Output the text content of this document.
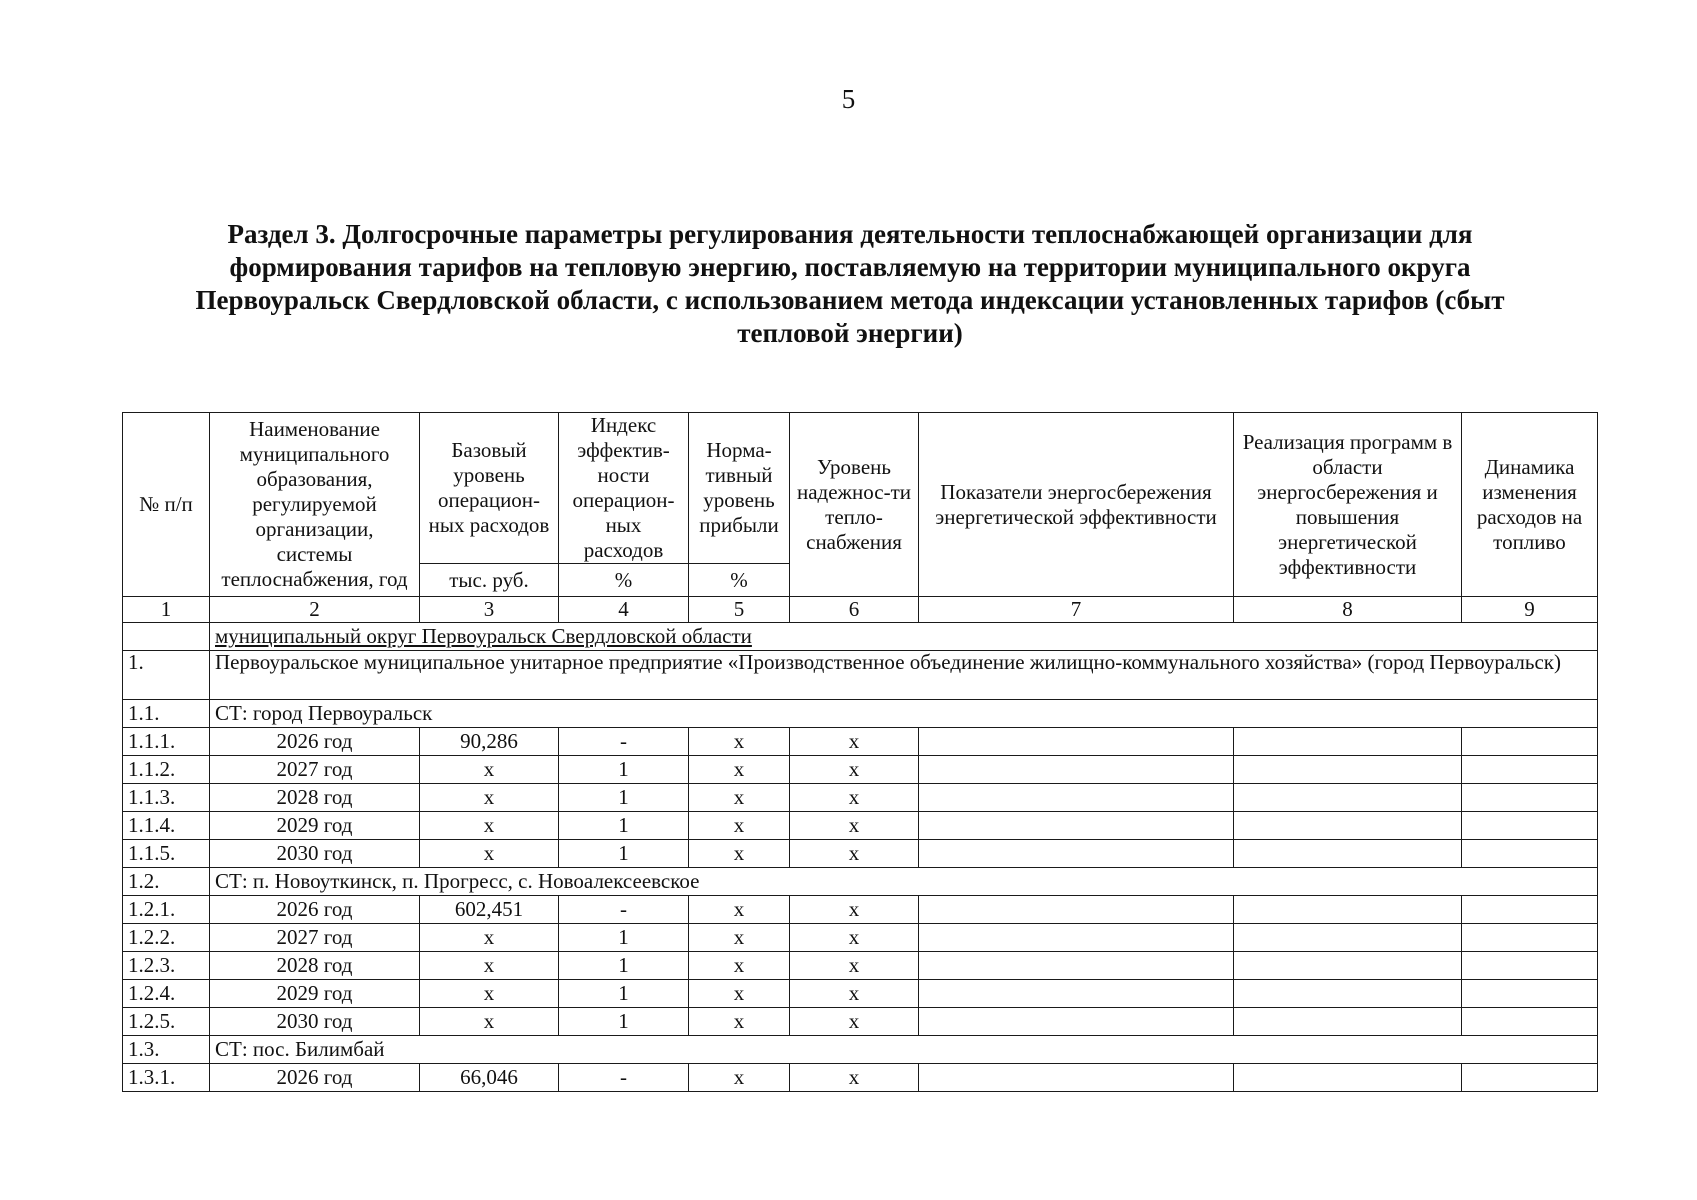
5
Раздел 3. Долгосрочные параметры регулирования деятельности теплоснабжающей организации для формирования тарифов на тепловую энергию, поставляемую на территории муниципального округа Первоуральск Свердловской области, с использованием метода индексации установленных тарифов (сбыт тепловой энергии)
№ п/п	Наименование муниципального образования, регулируемой организации, системы теплоснабжения, год	Базовый уровень операцион-ных расходов	Индекс эффектив-ности операцион-ных расходов	Норма-тивный уровень прибыли	Уровень надежнос-ти тепло-снабжения	Показатели энергосбережения энергетической эффективности	Реализация программ в области энергосбережения и повышения энергетической эффективности	Динамика изменения расходов на топливо
		тыс. руб.	%	%				
1	2	3	4	5	6	7	8	9
	муниципальный округ Первоуральск Свердловской области							
1.	Первоуральское муниципальное унитарное предприятие «Производственное объединение жилищно-коммунального хозяйства» (город Первоуральск)							
1.1.	СТ: город Первоуральск							
1.1.1.	2026 год	90,286	-	х	х			
1.1.2.	2027 год	х	1	х	х			
1.1.3.	2028 год	х	1	х	х			
1.1.4.	2029 год	х	1	х	х			
1.1.5.	2030 год	х	1	х	х			
1.2.	СТ: п. Новоуткинск, п. Прогресс, с. Новоалексеевское							
1.2.1.	2026 год	602,451	-	х	х			
1.2.2.	2027 год	х	1	х	х			
1.2.3.	2028 год	х	1	х	х			
1.2.4.	2029 год	х	1	х	х			
1.2.5.	2030 год	х	1	х	х			
1.3.	СТ: пос. Билимбай							
1.3.1.	2026 год	66,046	-	х	х			
